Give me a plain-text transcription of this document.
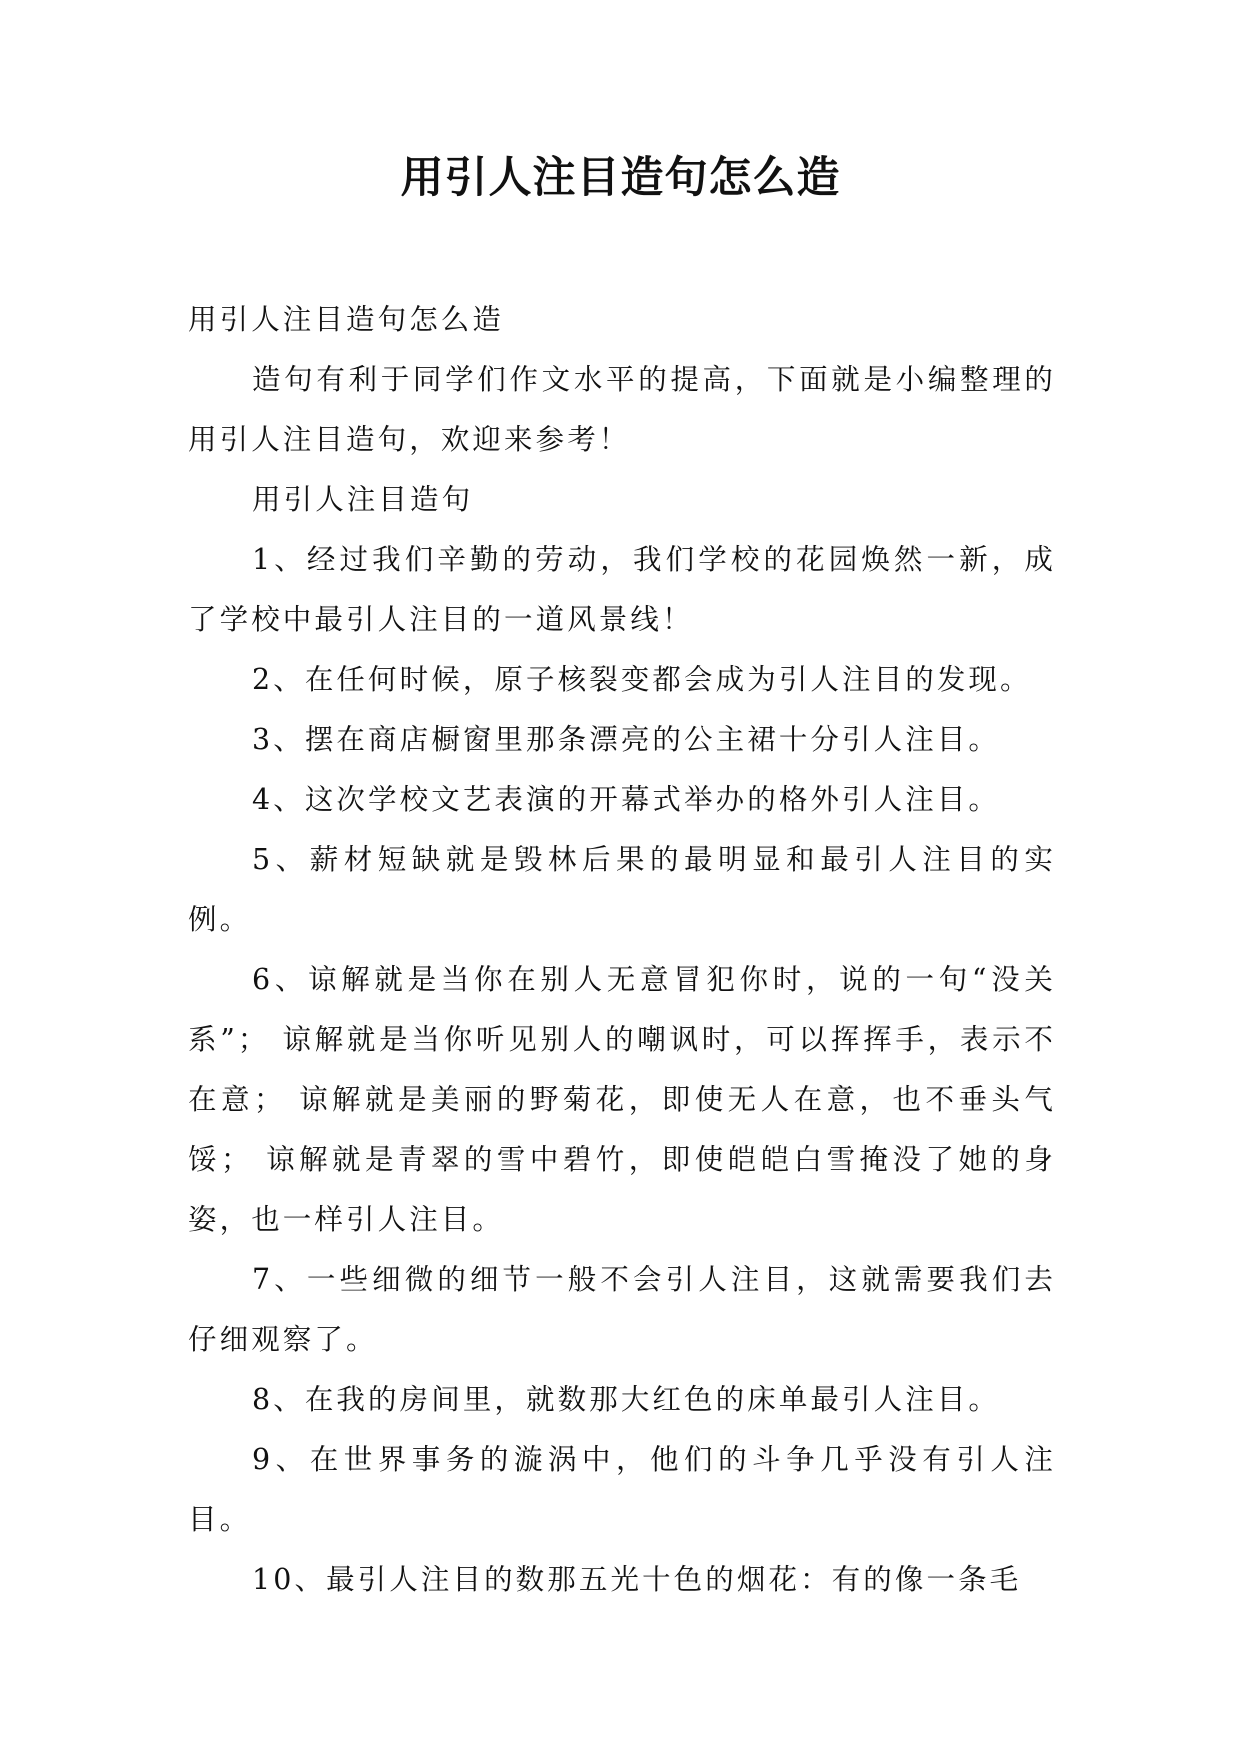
用引人注目造句怎么造

用引人注目造句怎么造

造句有利于同学们作文水平的提高，下面就是小编整理的用引人注目造句，欢迎来参考！

用引人注目造句

1、经过我们辛勤的劳动，我们学校的花园焕然一新，成了学校中最引人注目的一道风景线！

2、在任何时候，原子核裂变都会成为引人注目的发现。

3、摆在商店橱窗里那条漂亮的公主裙十分引人注目。

4、这次学校文艺表演的开幕式举办的格外引人注目。

5、薪材短缺就是毁林后果的最明显和最引人注目的实例。

6、谅解就是当你在别人无意冒犯你时，说的一句“没关系”； 谅解就是当你听见别人的嘲讽时，可以挥挥手，表示不在意； 谅解就是美丽的野菊花，即使无人在意，也不垂头气馁； 谅解就是青翠的雪中碧竹，即使皑皑白雪掩没了她的身姿，也一样引人注目。

7、一些细微的细节一般不会引人注目，这就需要我们去仔细观察了。

8、在我的房间里，就数那大红色的床单最引人注目。

9、在世界事务的漩涡中，他们的斗争几乎没有引人注目。

10、最引人注目的数那五光十色的烟花：有的像一条毛
